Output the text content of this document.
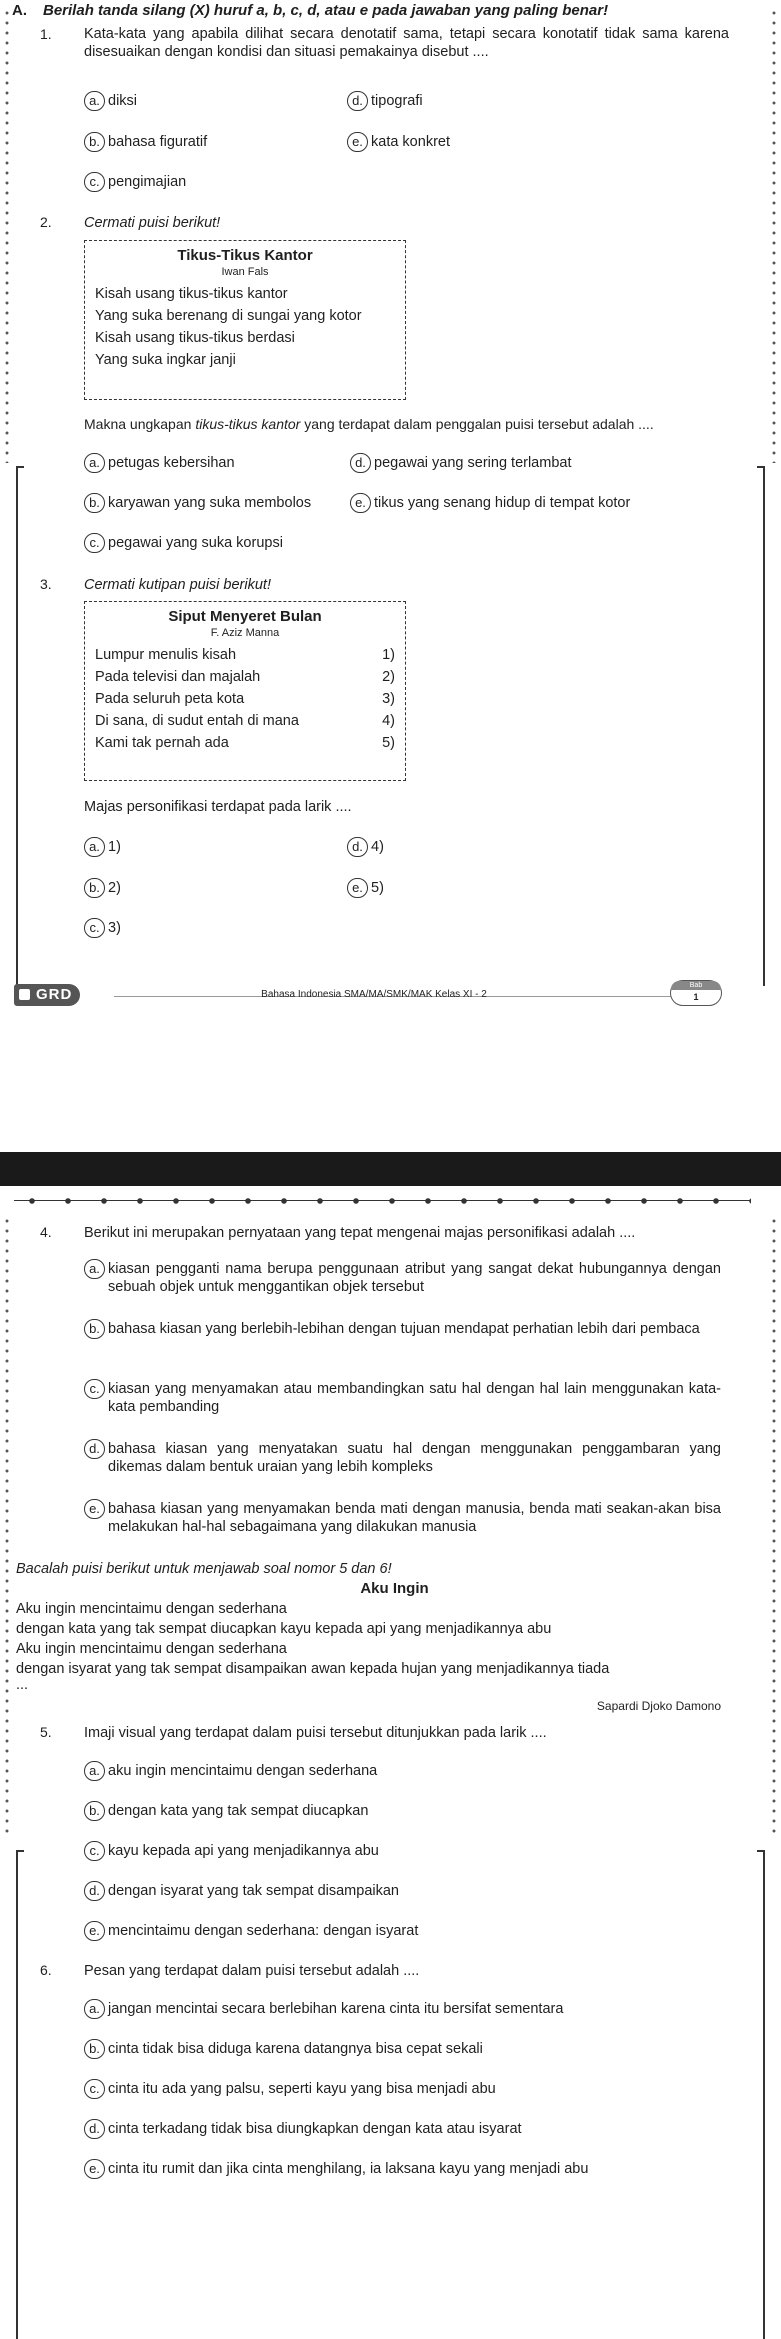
A. Berilah tanda silang (X) huruf a, b, c, d, atau e pada jawaban yang paling benar!
1. Kata-kata yang apabila dilihat secara denotatif sama, tetapi secara konotatif tidak sama karena disesuaikan dengan kondisi dan situasi pemakainya disebut ....
a. diksi
b. bahasa figuratif
c. pengimajian
d. tipografi
e. kata konkret
2. Cermati puisi berikut!
Tikus-Tikus Kantor
Iwan Fals
Kisah usang tikus-tikus kantor
Yang suka berenang di sungai yang kotor
Kisah usang tikus-tikus berdasi
Yang suka ingkar janji
Makna ungkapan tikus-tikus kantor yang terdapat dalam penggalan puisi tersebut adalah ....
a. petugas kebersihan
b. karyawan yang suka membolos
c. pegawai yang suka korupsi
d. pegawai yang sering terlambat
e. tikus yang senang hidup di tempat kotor
3. Cermati kutipan puisi berikut!
Siput Menyeret Bulan
F. Aziz Manna
Lumpur menulis kisah	1)
Pada televisi dan majalah	2)
Pada seluruh peta kota	3)
Di sana, di sudut entah di mana	4)
Kami tak pernah ada	5)
Majas personifikasi terdapat pada larik ....
a. 1)
b. 2)
c. 3)
d. 4)
e. 5)
GRD	Bahasa Indonesia SMA/MA/SMK/MAK Kelas XI - 2
Bab
1
4. Berikut ini merupakan pernyataan yang tepat mengenai majas personifikasi adalah ....
a. kiasan pengganti nama berupa penggunaan atribut yang sangat dekat hubungannya dengan sebuah objek untuk menggantikan objek tersebut
b. bahasa kiasan yang berlebih-lebihan dengan tujuan mendapat perhatian lebih dari pembaca
c. kiasan yang menyamakan atau membandingkan satu hal dengan hal lain menggunakan kata-kata pembanding
d. bahasa kiasan yang menyatakan suatu hal dengan menggunakan penggambaran yang dikemas dalam bentuk uraian yang lebih kompleks
e. bahasa kiasan yang menyamakan benda mati dengan manusia, benda mati seakan-akan bisa melakukan hal-hal sebagaimana yang dilakukan manusia
Bacalah puisi berikut untuk menjawab soal nomor 5 dan 6!
Aku Ingin
Aku ingin mencintaimu dengan sederhana
dengan kata yang tak sempat diucapkan kayu kepada api yang menjadikannya abu
Aku ingin mencintaimu dengan sederhana
dengan isyarat yang tak sempat disampaikan awan kepada hujan yang menjadikannya tiada
...
Sapardi Djoko Damono
5. Imaji visual yang terdapat dalam puisi tersebut ditunjukkan pada larik ....
a. aku ingin mencintaimu dengan sederhana
b. dengan kata yang tak sempat diucapkan
c. kayu kepada api yang menjadikannya abu
d. dengan isyarat yang tak sempat disampaikan
e. mencintaimu dengan sederhana: dengan isyarat
6. Pesan yang terdapat dalam puisi tersebut adalah ....
a. jangan mencintai secara berlebihan karena cinta itu bersifat sementara
b. cinta tidak bisa diduga karena datangnya bisa cepat sekali
c. cinta itu ada yang palsu, seperti kayu yang bisa menjadi abu
d. cinta terkadang tidak bisa diungkapkan dengan kata atau isyarat
e. cinta itu rumit dan jika cinta menghilang, ia laksana kayu yang menjadi abu
